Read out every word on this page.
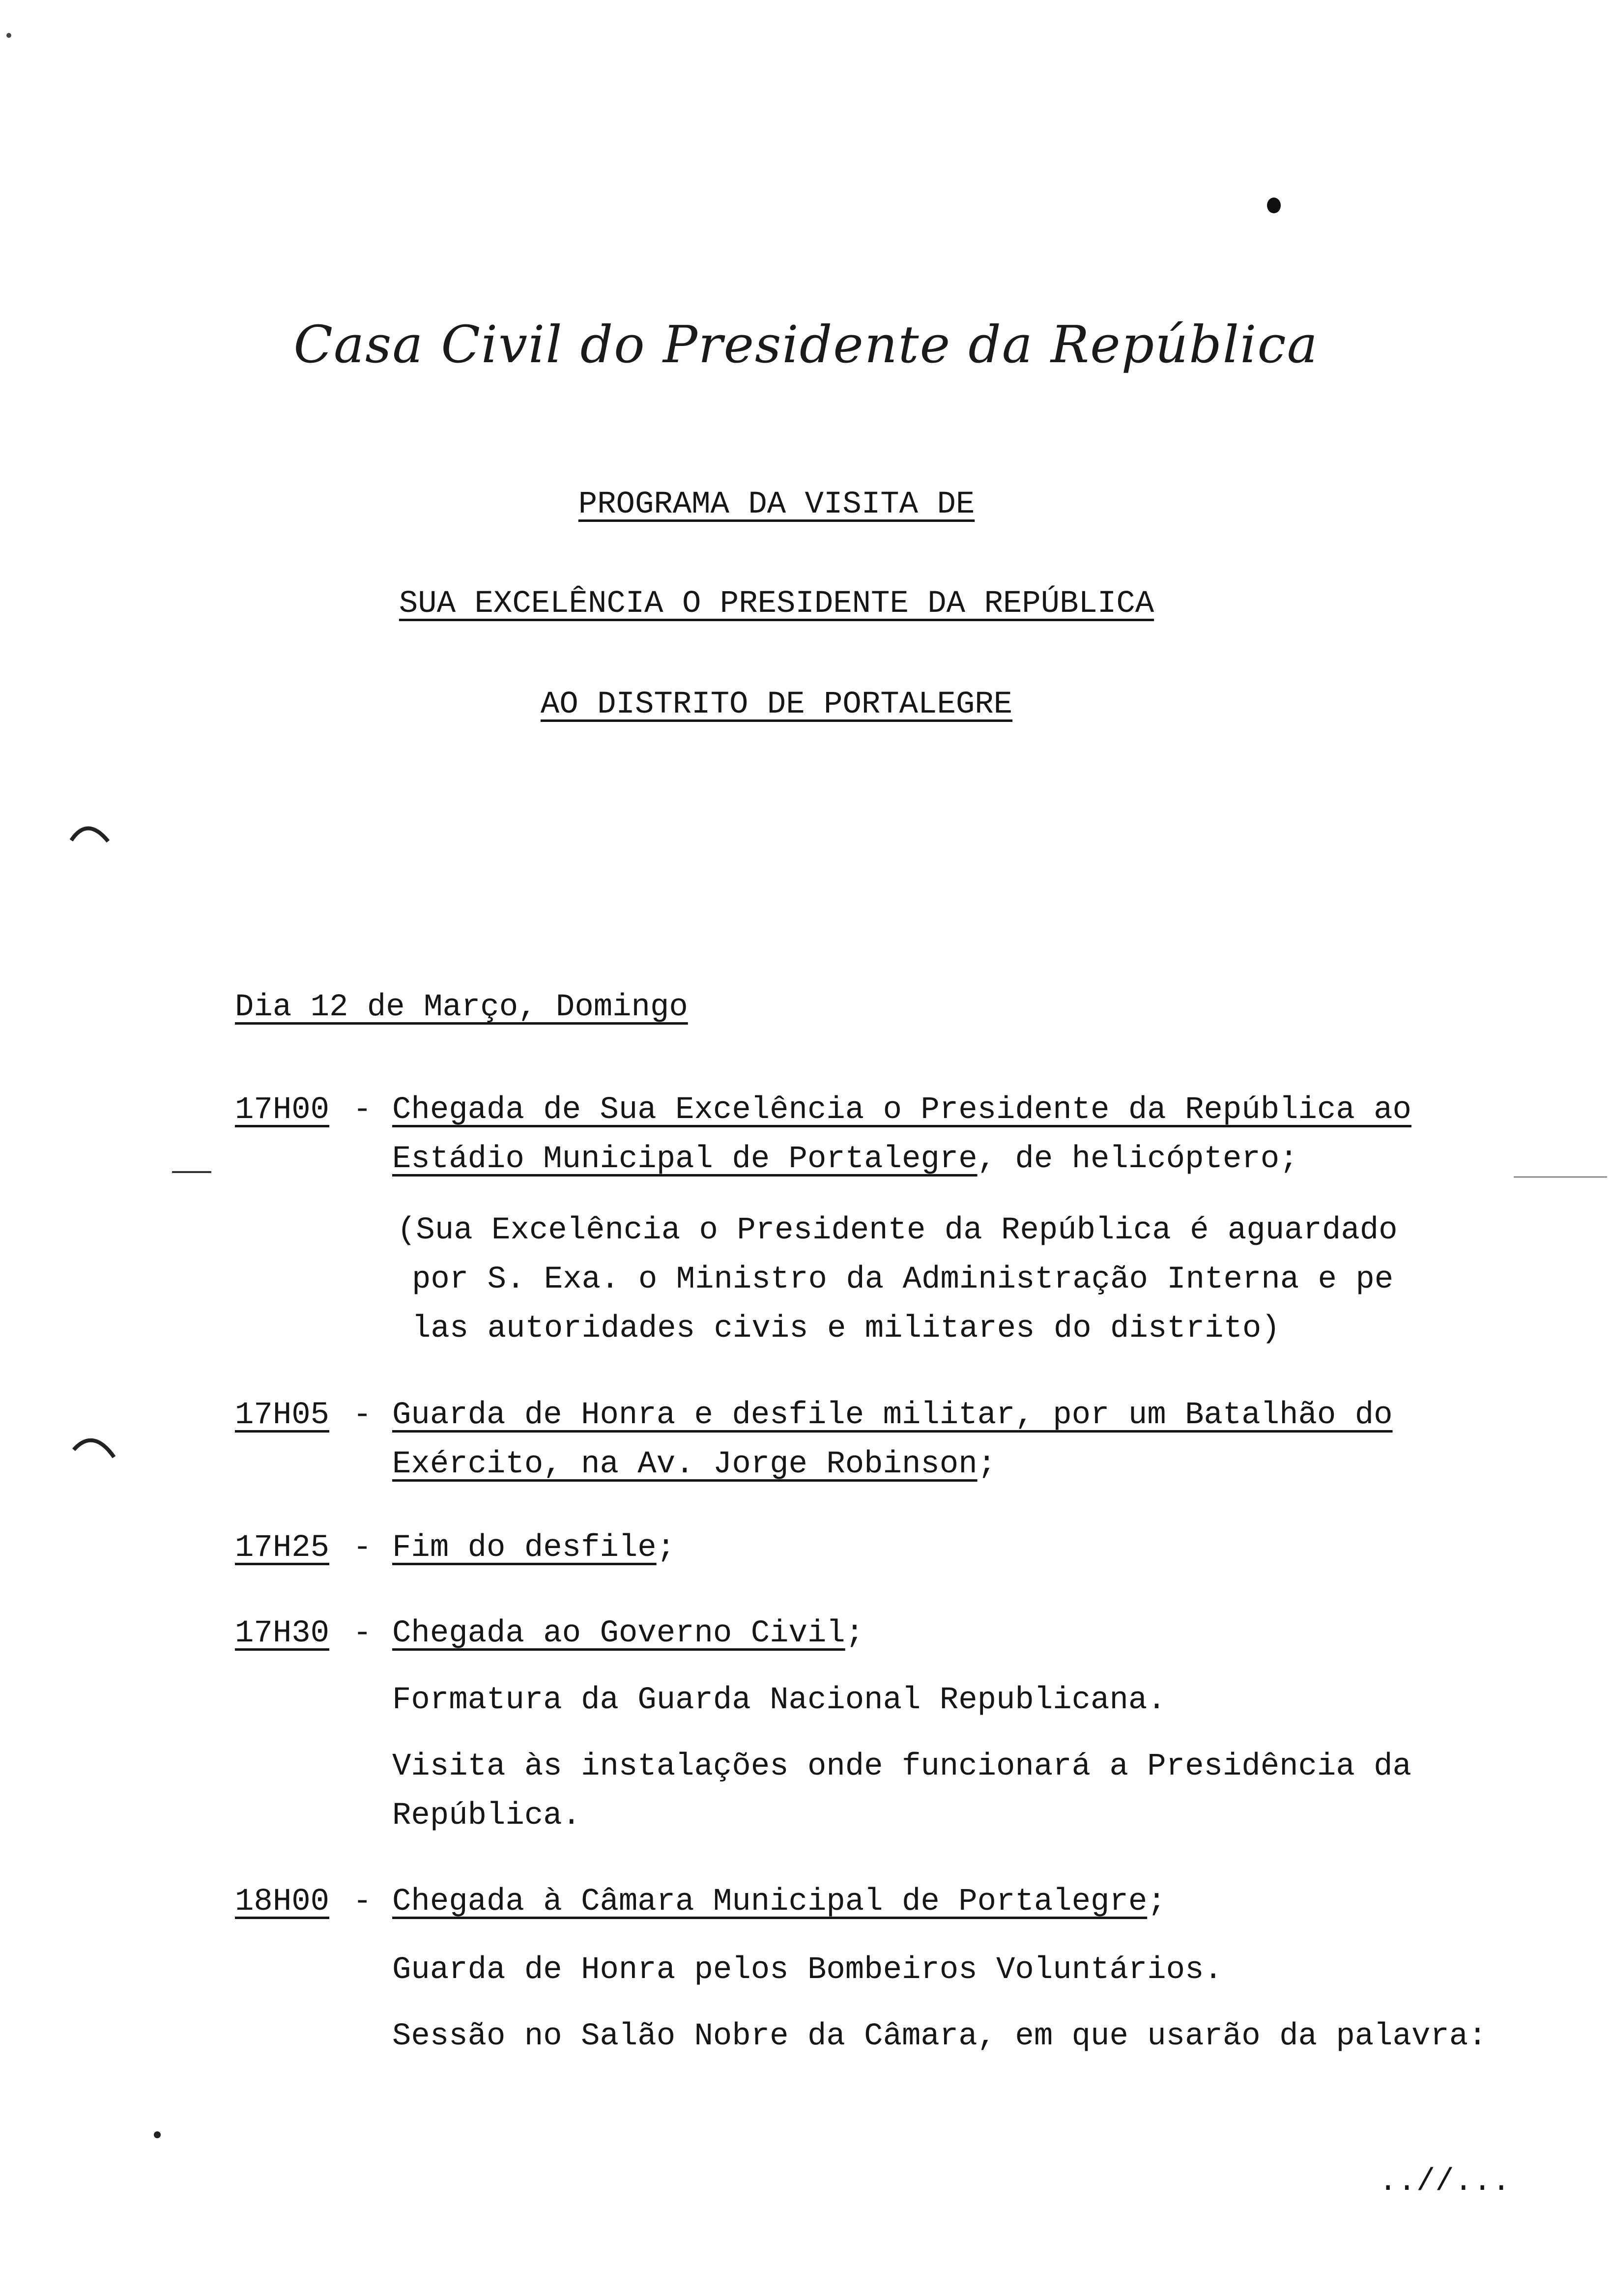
Casa Civil do Presidente da República
PROGRAMA DA VISITA DE
SUA EXCELÊNCIA O PRESIDENTE DA REPÚBLICA
AO DISTRITO DE PORTALEGRE
Dia 12 de Março, Domingo
17H00 - Chegada de Sua Excelência o Presidente da República ao
Estádio Municipal de Portalegre, de helicóptero;
(Sua Excelência o Presidente da República é aguardado
por S. Exa. o Ministro da Administração Interna e pe
las autoridades civis e militares do distrito)
17H05 - Guarda de Honra e desfile militar, por um Batalhão do
Exército, na Av. Jorge Robinson;
17H25 - Fim do desfile;
17H30 - Chegada ao Governo Civil;
Formatura da Guarda Nacional Republicana.
Visita às instalações onde funcionará a Presidência da
República.
18H00 - Chegada à Câmara Municipal de Portalegre;
Guarda de Honra pelos Bombeiros Voluntários.
Sessão no Salão Nobre da Câmara, em que usarão da palavra:
..//...
